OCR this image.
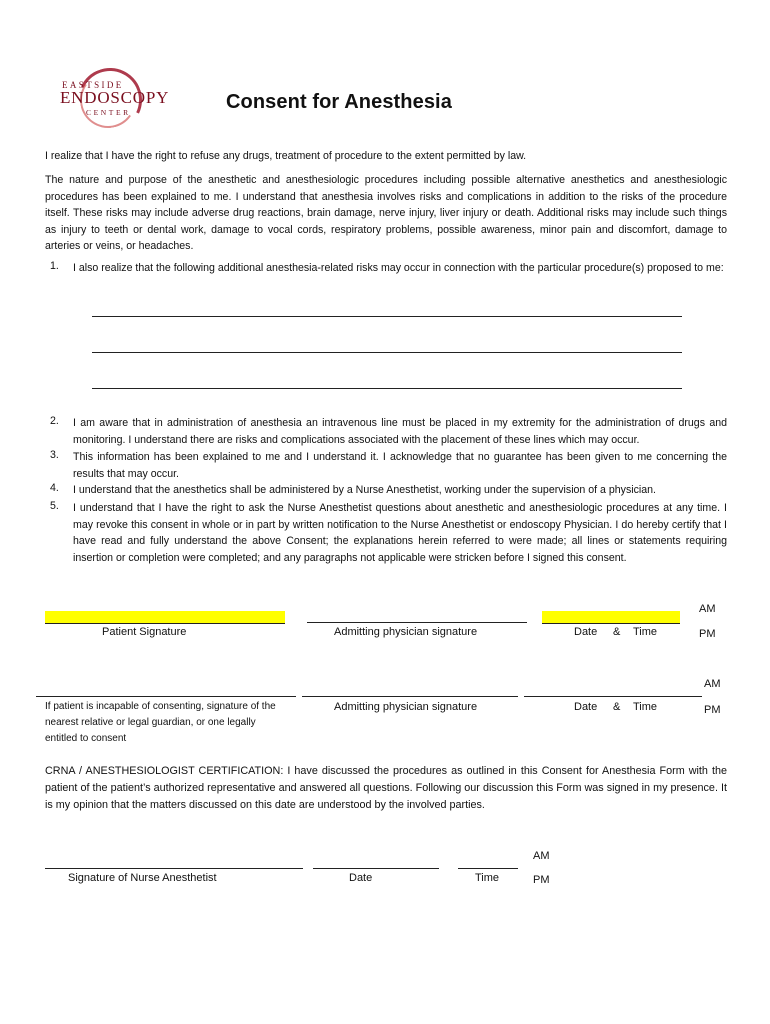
EASTSIDE
ENDOSCOPY
CENTER	Consent for Anesthesia
I realize that I have the right to refuse any drugs, treatment of procedure to the extent permitted by law.
The nature and purpose of the anesthetic and anesthesiologic procedures including possible alternative anesthetics and anesthesiologic procedures has been explained to me. I understand that anesthesia involves risks and complications in addition to the risks of the procedure itself. These risks may include adverse drug reactions, brain damage, nerve injury, liver injury or death. Additional risks may include such things as injury to teeth or dental work, damage to vocal cords, respiratory problems, possible awareness, minor pain and discomfort, damage to arteries or veins, or headaches.
1. I also realize that the following additional anesthesia-related risks may occur in connection with the particular procedure(s) proposed to me:
2. I am aware that in administration of anesthesia an intravenous line must be placed in my extremity for the administration of drugs and monitoring. I understand there are risks and complications associated with the placement of these lines which may occur.
3. This information has been explained to me and I understand it. I acknowledge that no guarantee has been given to me concerning the results that may occur.
4. I understand that the anesthetics shall be administered by a Nurse Anesthetist, working under the supervision of a physician.
5. I understand that I have the right to ask the Nurse Anesthetist questions about anesthetic and anesthesiologic procedures at any time. I may revoke this consent in whole or in part by written notification to the Nurse Anesthetist or endoscopy Physician. I do hereby certify that I have read and fully understand the above Consent; the explanations herein referred to were made; all lines or statements requiring insertion or completion were completed; and any paragraphs not applicable were stricken before I signed this consent.
Patient Signature	Admitting physician signature	Date & Time
AM
PM
If patient is incapable of consenting, signature of the nearest relative or legal guardian, or one legally entitled to consent
Admitting physician signature	Date & Time
AM
PM
CRNA / ANESTHESIOLOGIST CERTIFICATION: I have discussed the procedures as outlined in this Consent for Anesthesia Form with the patient of the patient’s authorized representative and answered all questions. Following our discussion this Form was signed in my presence. It is my opinion that the matters discussed on this date are understood by the involved parties.
Signature of Nurse Anesthetist	Date	Time
AM
PM
